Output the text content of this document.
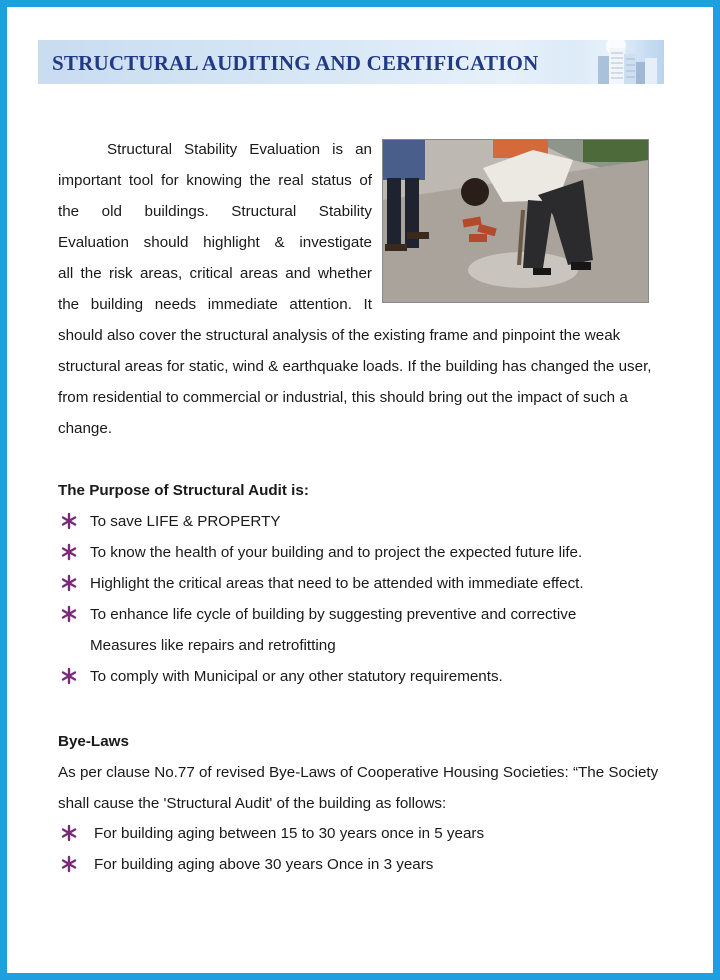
STRUCTURAL AUDITING AND CERTIFICATION
Structural Stability Evaluation is an
important tool for knowing the real status of
the old buildings. Structural Stability
Evaluation should highlight & investigate
all the risk areas, critical areas and whether
the building needs immediate attention. It
should also cover the structural analysis of the existing frame and pinpoint the weak structural areas for static, wind & earthquake loads. If the building has changed the user, from residential to commercial or industrial, this should bring out the impact of such a change.
The Purpose of Structural Audit is:
To save LIFE & PROPERTY
To know the health of your building and to project the expected future life.
Highlight the critical areas that need to be attended with immediate effect.
To enhance life cycle of building by suggesting preventive and corrective
Measures like repairs and retrofitting
To comply with Municipal or any other statutory requirements.
Bye-Laws
As per clause No.77 of revised Bye-Laws of Cooperative Housing Societies: “The Society shall cause the 'Structural Audit' of the building as follows:
For building aging between 15 to 30 years once in 5 years
For building aging above 30 years Once in 3 years
